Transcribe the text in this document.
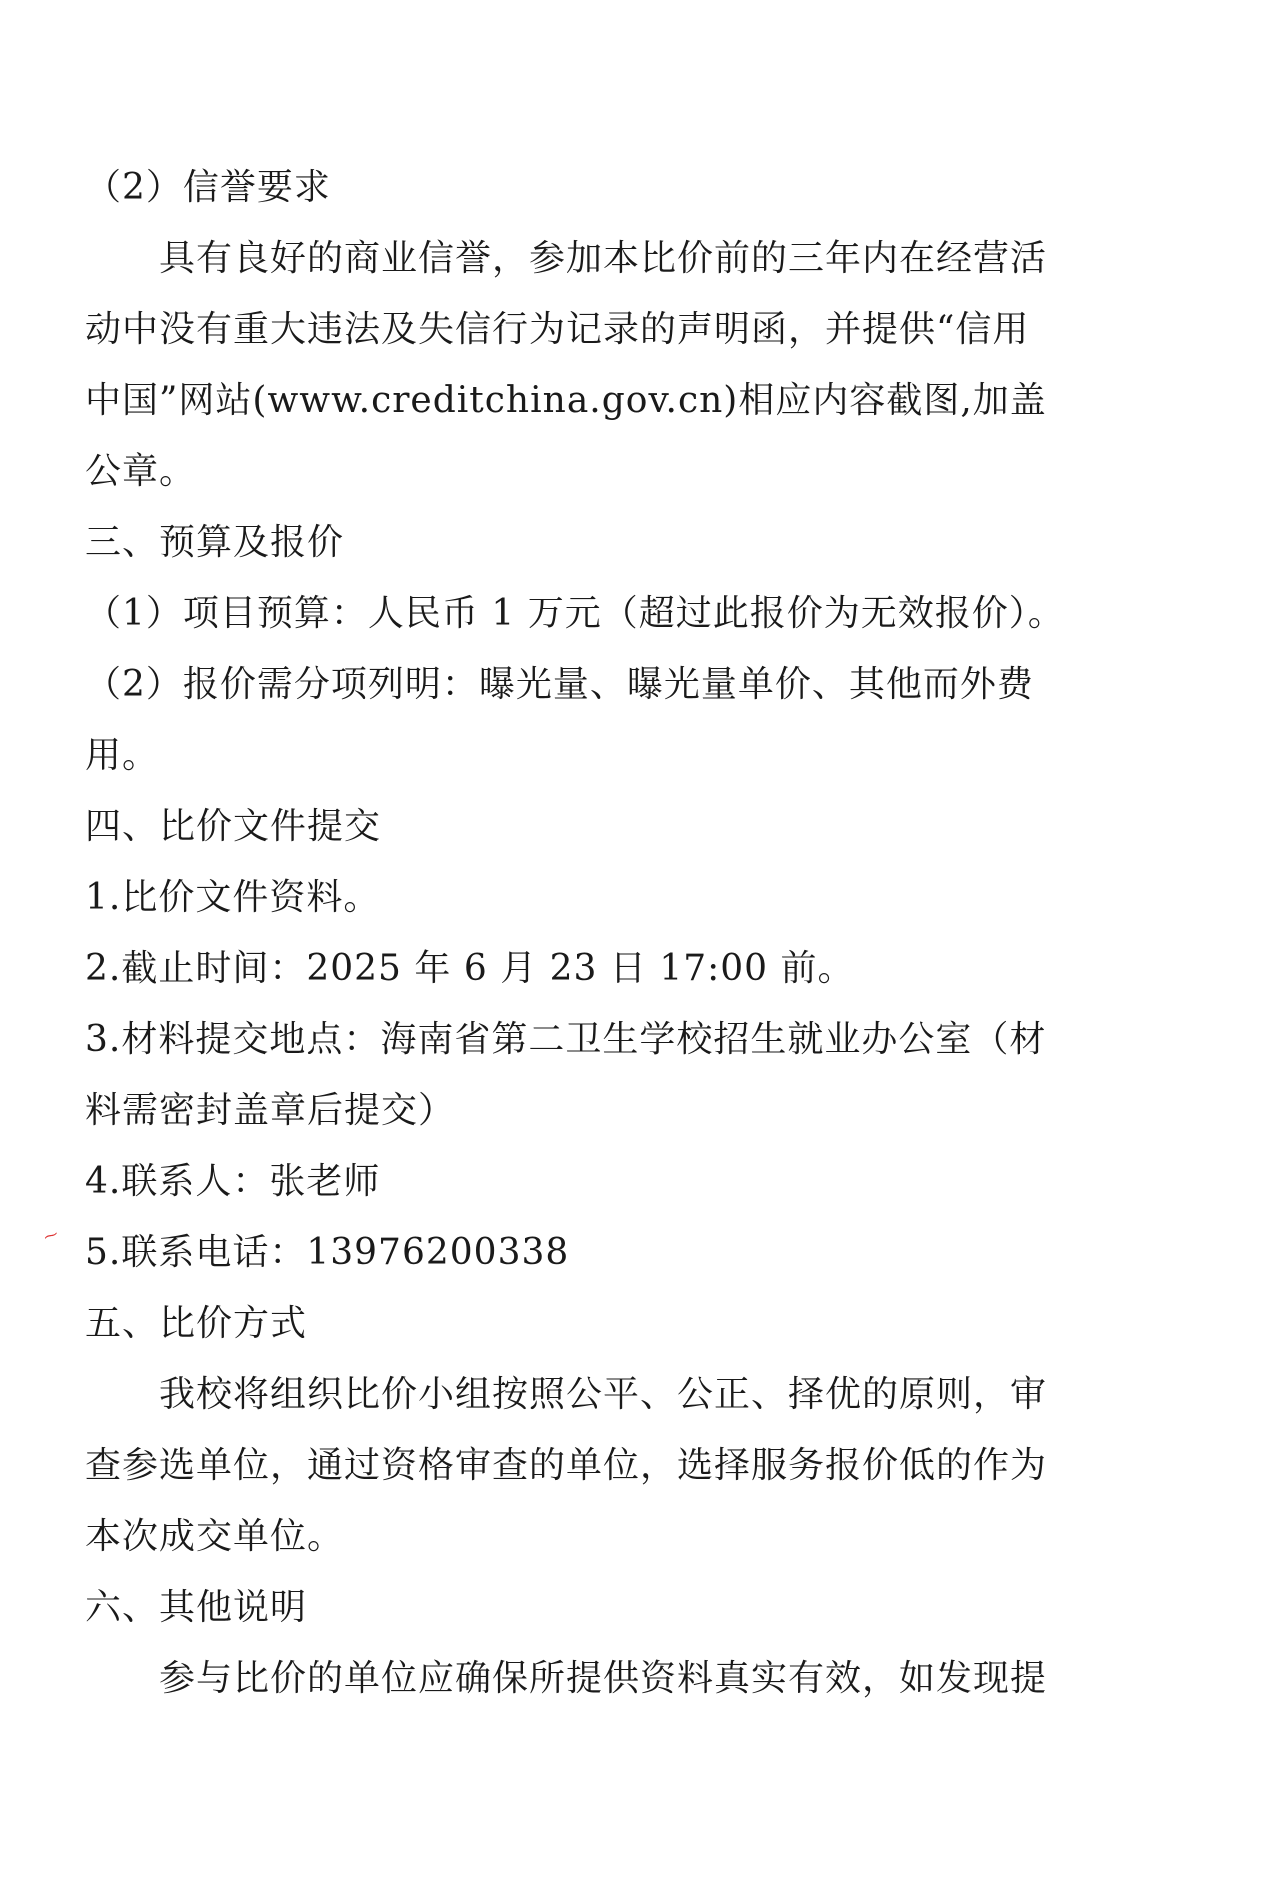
（2）信誉要求
具有良好的商业信誉，参加本比价前的三年内在经营活
动中没有重大违法及失信行为记录的声明函，并提供“信用
中国”网站(www.creditchina.gov.cn)相应内容截图,加盖
公章。
三、预算及报价
（1）项目预算：人民币 1 万元（超过此报价为无效报价）。
（2）报价需分项列明：曝光量、曝光量单价、其他而外费
用。
四、比价文件提交
1.比价文件资料。
2.截止时间：2025 年 6 月 23 日 17:00 前。
3.材料提交地点：海南省第二卫生学校招生就业办公室（材
料需密封盖章后提交）
4.联系人：张老师
5.联系电话：13976200338
五、比价方式
我校将组织比价小组按照公平、公正、择优的原则，审
查参选单位，通过资格审查的单位，选择服务报价低的作为
本次成交单位。
六、其他说明
参与比价的单位应确保所提供资料真实有效，如发现提
⁓
